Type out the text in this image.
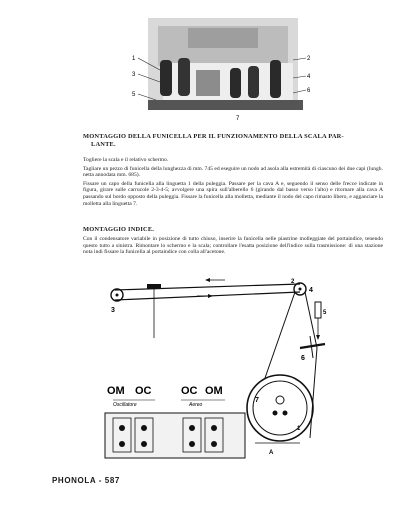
1	2
3	4
5
6
7
MONTAGGIO DELLA FUNICELLA PER IL FUNZIONAMENTO DELLA SCALA PAR-
LANTE.

Togliere la scala e il relativo schermo.

Tagliare un pezzo di funicella della lunghezza di mm. 745 ed eseguire un nodo ad asola alla estremità di ciascuno dei due capi (lungh. netta annodata mm. 685).

Fissare un capo della funicella alla linguetta 1 della puleggia. Passare per la cava A e, seguendo il senso delle frecce indicate in figura, girare sulle carrucole 2-3-4-5; avvolgere una spira sull'alberello 6 (girando dal basso verso l'alto) e ritornare alla cava A passando sul bordo opposto della puleggia. Fissare la funicella alla molletta, mediante il nodo del capo rimasto libero, e agganciare la molletta alla linguetta 7.

MONTAGGIO INDICE.

Con il condensatore variabile in posizione di tutto chiuso, inserire la funicella nelle piastrine molleggiate del portaindice, tenendo questo tutto a sinistra. Rimontare lo schermo e la scala; controllare l'esatta posizione dell'indice sulla trasmissione: di una stazione nota indi fissare la funicella al portaindice con colla all'acetone.

OM OC	OC OM
Oscillatore	Aereo
1
2
3
4
5
6
7
A
PHONOLA - 587
